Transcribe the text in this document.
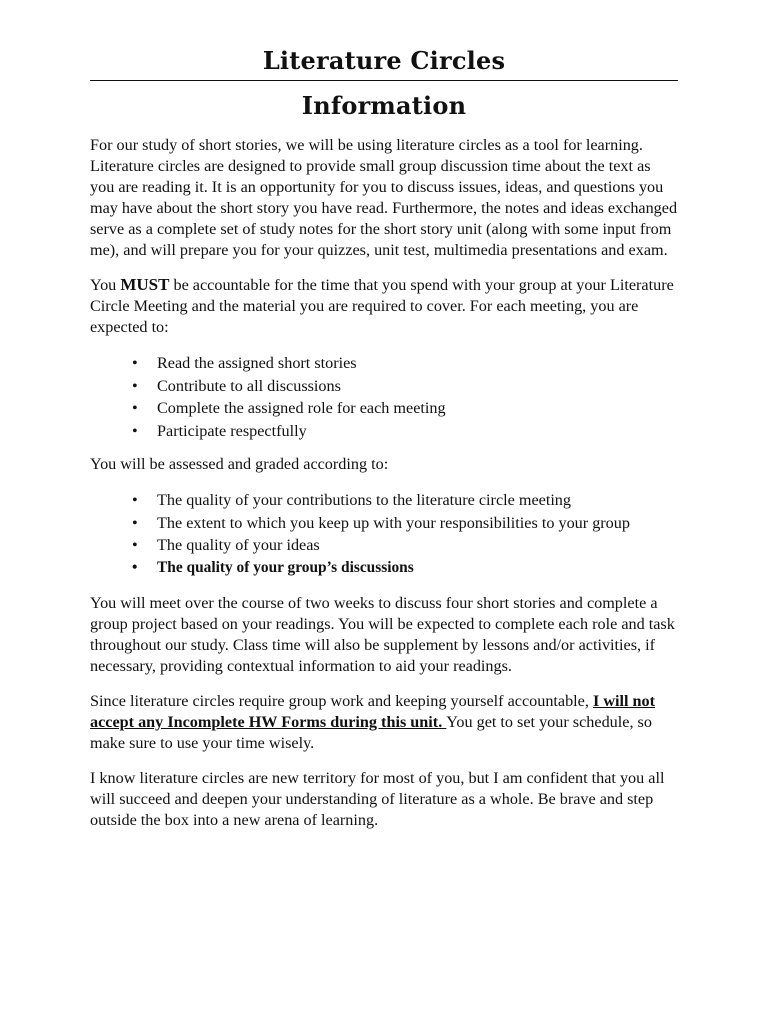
Literature Circles
Information

For our study of short stories, we will be using literature circles as a tool for learning. Literature circles are designed to provide small group discussion time about the text as you are reading it. It is an opportunity for you to discuss issues, ideas, and questions you may have about the short story you have read. Furthermore, the notes and ideas exchanged serve as a complete set of study notes for the short story unit (along with some input from me), and will prepare you for your quizzes, unit test, multimedia presentations and exam.

You MUST be accountable for the time that you spend with your group at your Literature Circle Meeting and the material you are required to cover. For each meeting, you are expected to:

• Read the assigned short stories
• Contribute to all discussions
• Complete the assigned role for each meeting
• Participate respectfully

You will be assessed and graded according to:

• The quality of your contributions to the literature circle meeting
• The extent to which you keep up with your responsibilities to your group
• The quality of your ideas
• The quality of your group’s discussions

You will meet over the course of two weeks to discuss four short stories and complete a group project based on your readings. You will be expected to complete each role and task throughout our study. Class time will also be supplement by lessons and/or activities, if necessary, providing contextual information to aid your readings.

Since literature circles require group work and keeping yourself accountable, I will not accept any Incomplete HW Forms during this unit. You get to set your schedule, so make sure to use your time wisely.

I know literature circles are new territory for most of you, but I am confident that you all will succeed and deepen your understanding of literature as a whole. Be brave and step outside the box into a new arena of learning.
